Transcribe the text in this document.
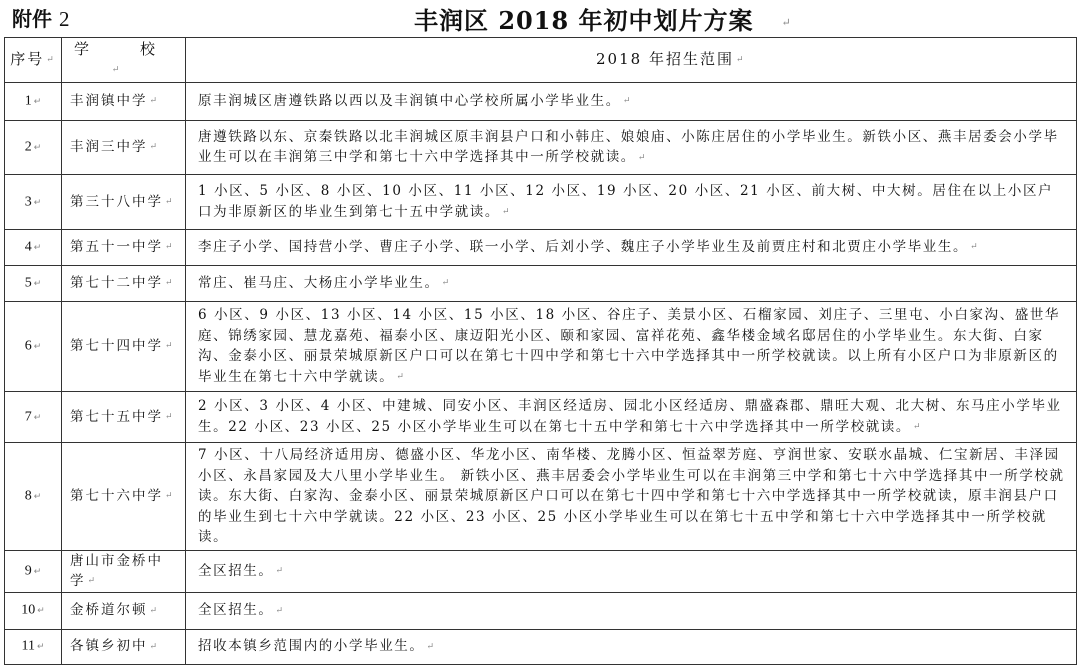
附件 2	丰润区 2018 年初中划片方案	↵
序号 ↵	学　校↵	2018 年招生范围 ↵
1 ↵	丰润镇中学 ↵	原丰润城区唐遵铁路以西以及丰润镇中心学校所属小学毕业生。 ↵
2 ↵	丰润三中学 ↵	唐遵铁路以东、京秦铁路以北丰润城区原丰润县户口和小韩庄、娘娘庙、小陈庄居住的小学毕业生。新铁小区、燕丰居委会小学毕业生可以在丰润第三中学和第七十六中学选择其中一所学校就读。 ↵
3 ↵	第三十八中学 ↵	1 小区、5 小区、8 小区、10 小区、11 小区、12 小区、19 小区、20 小区、21 小区、前大树、中大树。居住在以上小区户口为非原新区的毕业生到第七十五中学就读。 ↵
4 ↵	第五十一中学 ↵	李庄子小学、国持营小学、曹庄子小学、联一小学、后刘小学、魏庄子小学毕业生及前贾庄村和北贾庄小学毕业生。 ↵
5 ↵	第七十二中学 ↵	常庄、崔马庄、大杨庄小学毕业生。 ↵
6 ↵	第七十四中学 ↵	6 小区、9 小区、13 小区、14 小区、15 小区、18 小区、谷庄子、美景小区、石榴家园、刘庄子、三里屯、小白家沟、盛世华庭、锦绣家园、慧龙嘉苑、福泰小区、康迈阳光小区、颐和家园、富祥花苑、鑫华楼金域名邸居住的小学毕业生。东大街、白家沟、金泰小区、丽景荣城原新区户口可以在第七十四中学和第七十六中学选择其中一所学校就读。以上所有小区户口为非原新区的毕业生在第七十六中学就读。 ↵
7 ↵	第七十五中学 ↵	2 小区、3 小区、4 小区、中建城、同安小区、丰润区经适房、园北小区经适房、鼎盛森郡、鼎旺大观、北大树、东马庄小学毕业生。22 小区、23 小区、25 小区小学毕业生可以在第七十五中学和第七十六中学选择其中一所学校就读。 ↵
8 ↵	第七十六中学 ↵	7 小区、十八局经济适用房、德盛小区、华龙小区、南华楼、龙腾小区、恒益翠芳庭、亨润世家、安联水晶城、仁宝新居、丰泽园小区、永昌家园及大八里小学毕业生。 新铁小区、燕丰居委会小学毕业生可以在丰润第三中学和第七十六中学选择其中一所学校就读。东大街、白家沟、金泰小区、丽景荣城原新区户口可以在第七十四中学和第七十六中学选择其中一所学校就读，原丰润县户口的毕业生到七十六中学就读。22 小区、23 小区、25 小区小学毕业生可以在第七十五中学和第七十六中学选择其中一所学校就读。
9 ↵	唐山市金桥中学 ↵	全区招生。 ↵
10 ↵	金桥道尔顿 ↵	全区招生。 ↵
11 ↵	各镇乡初中 ↵	招收本镇乡范围内的小学毕业生。 ↵
